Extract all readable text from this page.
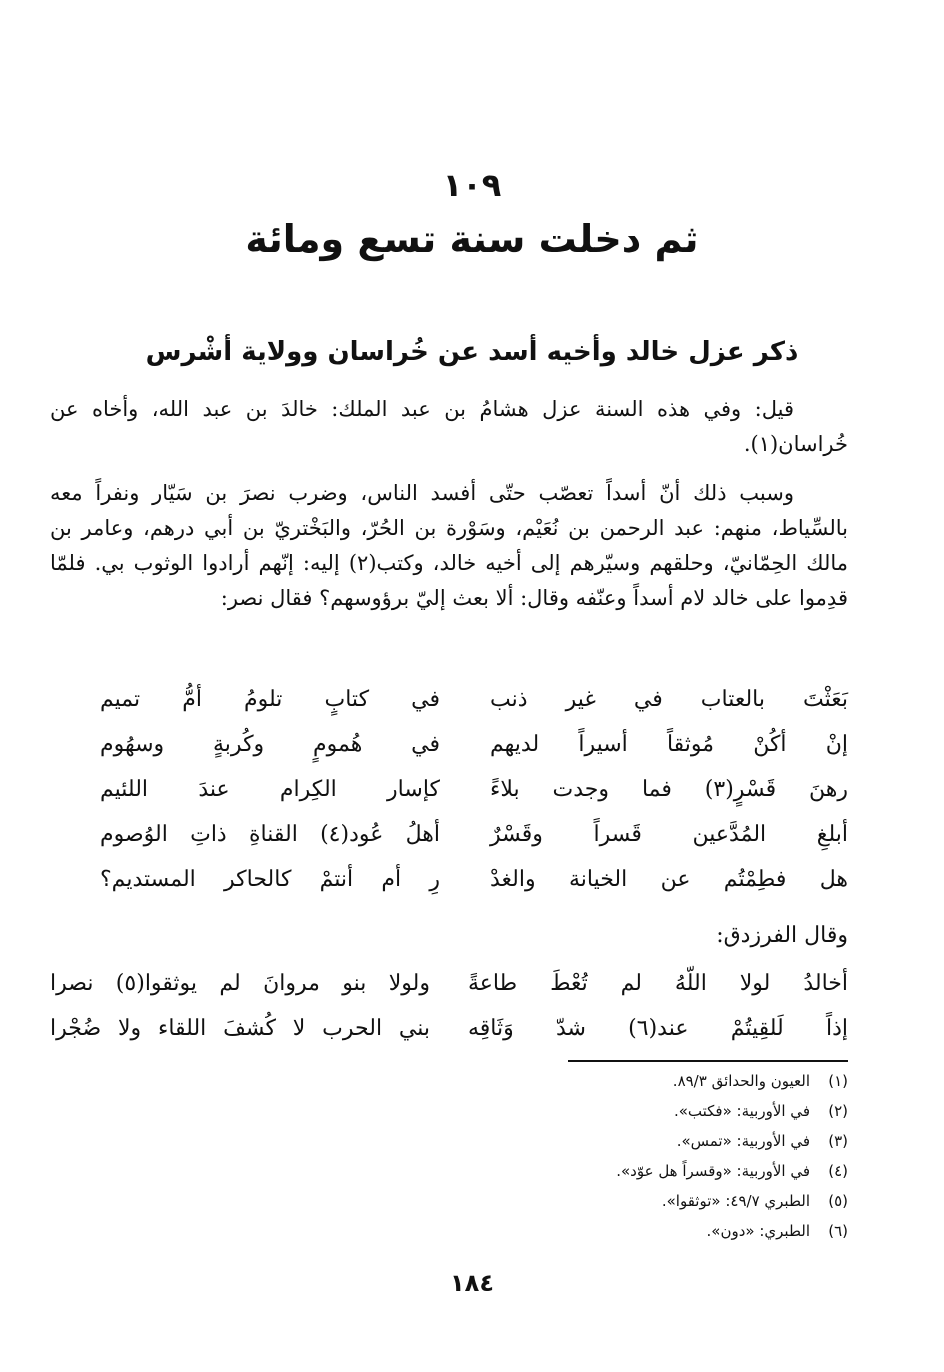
١٠٩
ثم دخلت سنة تسع ومائة
ذكر عزل خالد وأخيه أسد عن خُراسان وولاية أشْرس

قيل: وفي هذه السنة عزل هشامُ بن عبد الملك: خالدَ بن عبد الله، وأخاه عن خُراسان(١).

وسبب ذلك أنّ أسداً تعصّب حتّى أفسد الناس، وضرب نصرَ بن سَيّار ونفراً معه بالسِّياط، منهم: عبد الرحمن بن نُعَيْم، وسَوْرة بن الحُرّ، والبَخْتريّ بن أبي درهم، وعامر بن مالك الحِمّانيّ، وحلقهم وسيّرهم إلى أخيه خالد، وكتب(٢) إليه: إنّهم أرادوا الوثوب بي. فلمّا قدِموا على خالد لام أسداً وعنّفه وقال: ألا بعث إليّ برؤوسهم؟ فقال نصر:

بَعَثْتَ بالعتاب في غير ذنب
في كتابٍ تلومُ أمُّ تميم
إنْ أكُنْ مُوثقاً أسيراً لديهم
في هُمومٍ وكُربةٍ وسهُوم
رهنَ قَسْرٍ(٣) فما وجدت بلاءً
كإسار الكِرام عندَ اللئيم
أبلغِ المُدَّعين قَسراً وقَسْرٌ
أهلُ عُود(٤) القناةِ ذاتِ الوُصوم
هل فطِمْتُم عن الخيانة والغدْ
رِ أم أنتمْ كالحاكر المستديم؟
وقال الفرزدق:
أخالدُ لولا اللّهُ لم تُعْطَ طاعةً
ولولا بنو مروانَ لم يوثقوا(٥) نصرا
إذاً لَلقِيتُمْ عند(٦) شدّ وَثَاقِه
بني الحرب لا كُشفَ اللقاء ولا ضُجْرا
(١)العيون والحدائق ٨٩/٣.
(٢)في الأوربية: «فكتب».
(٣)في الأوربية: «تمس».
(٤)في الأوربية: «وقسراً هل عوّد».
(٥)الطبري ٤٩/٧: «توثقوا».
(٦)الطبري: «دون».
١٨٤
